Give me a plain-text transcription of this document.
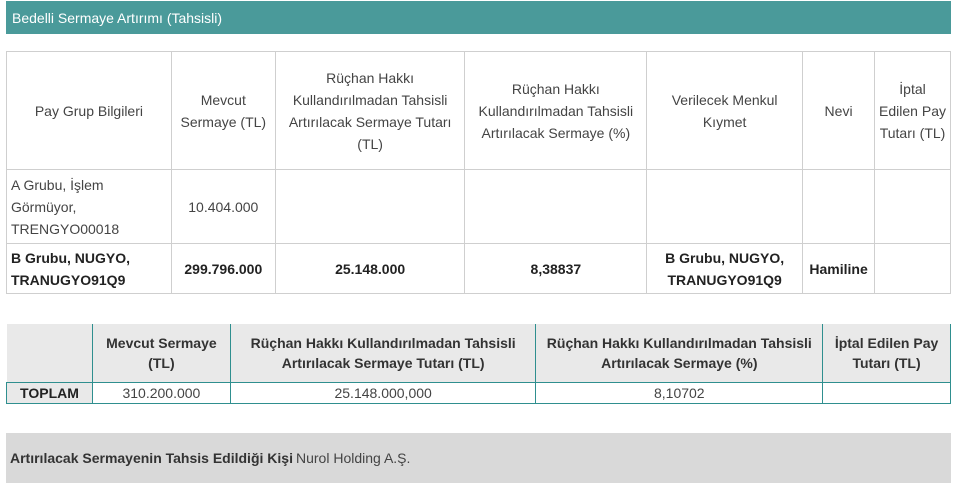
Bedelli Sermaye Artırımı (Tahsisli)
Pay Grup Bilgileri	Mevcut Sermaye (TL)	Rüçhan Hakkı Kullandırılmadan Tahsisli Artırılacak Sermaye Tutarı (TL)	Rüçhan Hakkı Kullandırılmadan Tahsisli Artırılacak Sermaye (%)	Verilecek Menkul Kıymet	Nevi	İptal Edilen Pay Tutarı (TL)
A Grubu, İşlem Görmüyor, TRENGYO00018	10.404.000					
B Grubu, NUGYO, TRANUGYO91Q9	299.796.000	25.148.000	8,38837	B Grubu, NUGYO, TRANUGYO91Q9	Hamiline	
	Mevcut Sermaye (TL)	Rüçhan Hakkı Kullandırılmadan Tahsisli Artırılacak Sermaye Tutarı (TL)	Rüçhan Hakkı Kullandırılmadan Tahsisli Artırılacak Sermaye (%)	İptal Edilen Pay Tutarı (TL)
TOPLAM	310.200.000	25.148.000,000	8,10702	
Artırılacak Sermayenin Tahsis Edildiği Kişi Nurol Holding A.Ş.
